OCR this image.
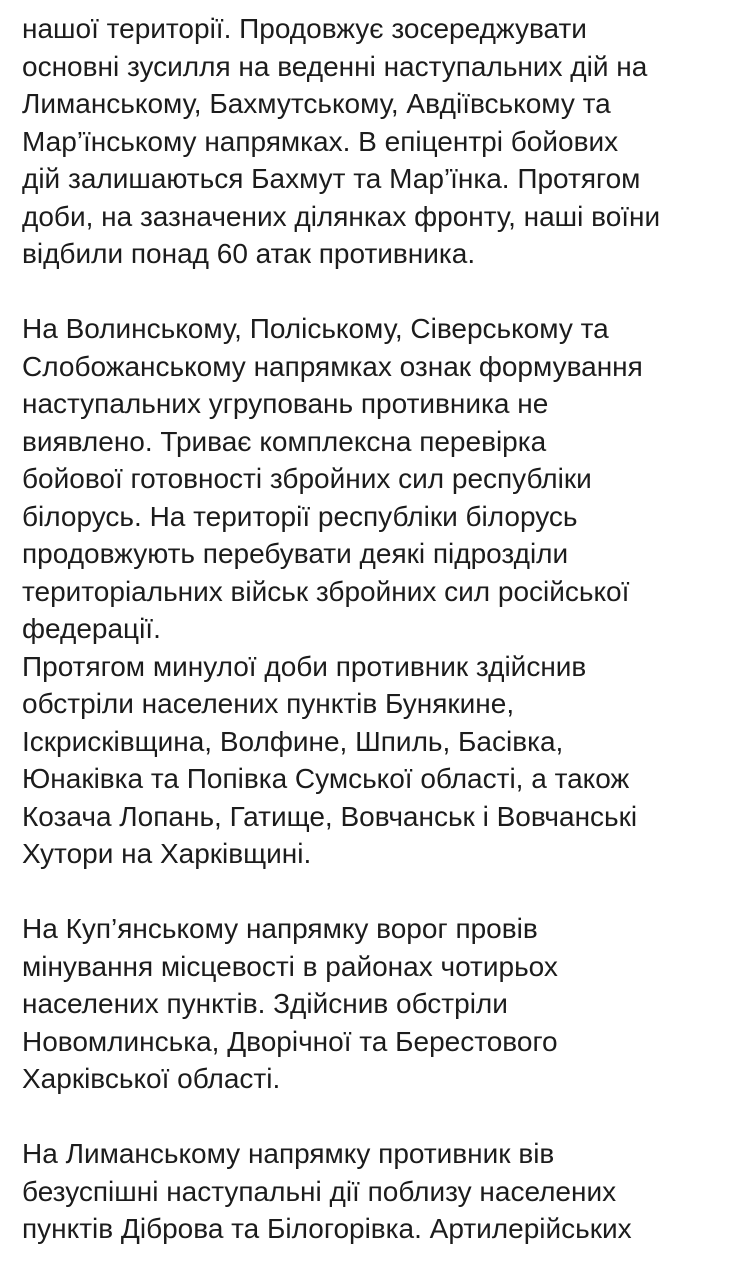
нашої території. Продовжує зосереджувати
основні зусилля на веденні наступальних дій на
Лиманському, Бахмутському, Авдіївському та
Мар’їнському напрямках. В епіцентрі бойових
дій залишаються Бахмут та Мар’їнка. Протягом
доби, на зазначених ділянках фронту, наші воїни
відбили понад 60 атак противника.
На Волинському, Поліському, Сіверському та
Слобожанському напрямках ознак формування
наступальних угруповань противника не
виявлено. Триває комплексна перевірка
бойової готовності збройних сил республіки
білорусь. На території республіки білорусь
продовжують перебувати деякі підрозділи
територіальних військ збройних сил російської
федерації.
Протягом минулої доби противник здійснив
обстріли населених пунктів Бунякине,
Іскрисківщина, Волфине, Шпиль, Басівка,
Юнаківка та Попівка Сумської області, а також
Козача Лопань, Гатище, Вовчанськ і Вовчанські
Хутори на Харківщині.
На Куп’янському напрямку ворог провів
мінування місцевості в районах чотирьох
населених пунктів. Здійснив обстріли
Новомлинська, Дворічної та Берестового
Харківської області.
На Лиманському напрямку противник вів
безуспішні наступальні дії поблизу населених
пунктів Діброва та Білогорівка. Артилерійських
